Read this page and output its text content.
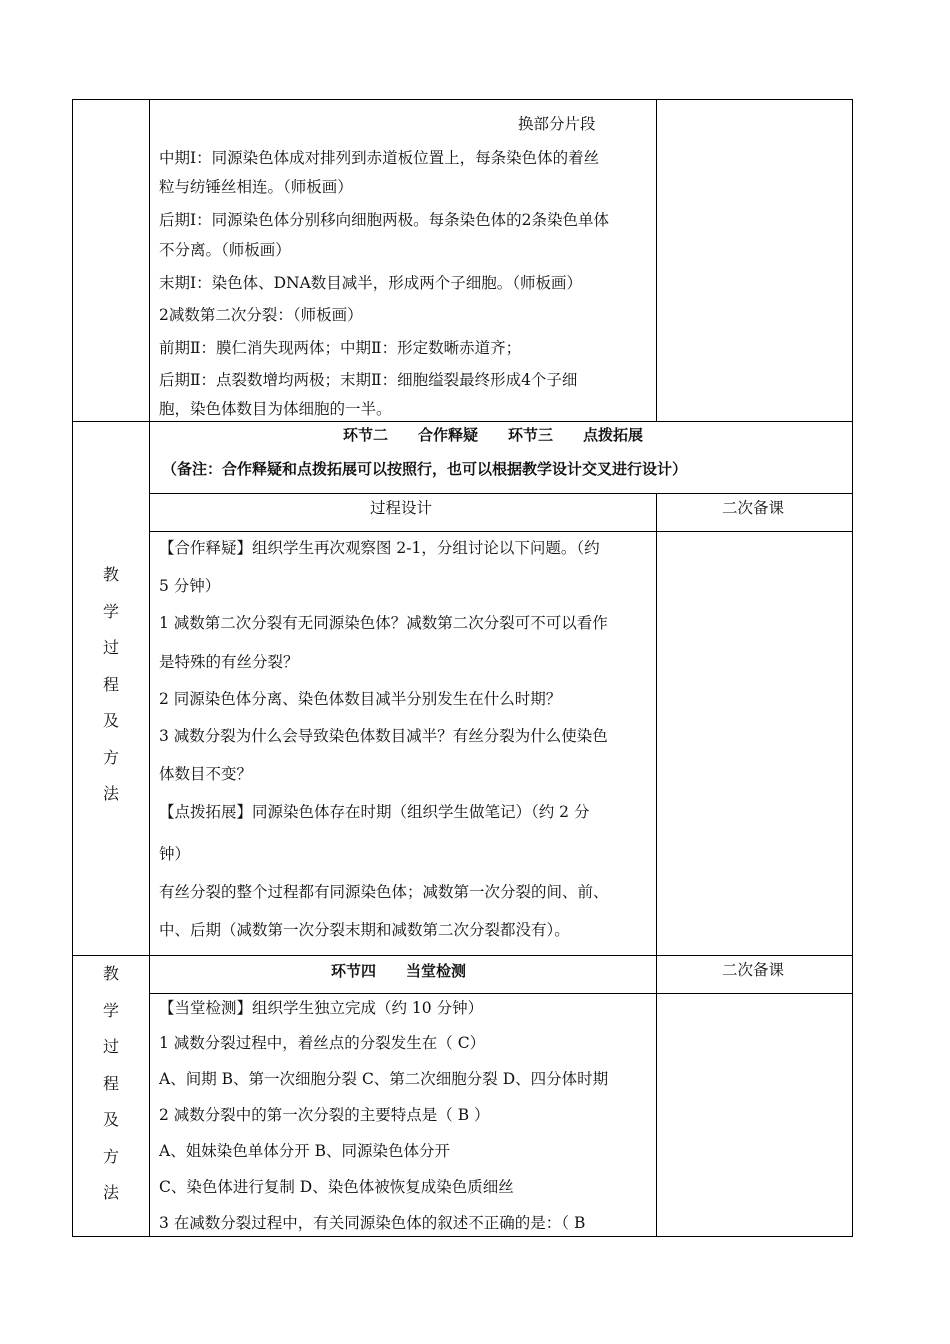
换部分片段
中期Ⅰ：同源染色体成对排列到赤道板位置上，每条染色体的着丝
粒与纺锤丝相连。（师板画）
后期Ⅰ：同源染色体分别移向细胞两极。每条染色体的2条染色单体
不分离。（师板画）
末期Ⅰ：染色体、DNA数目减半，形成两个子细胞。（师板画）
2减数第二次分裂：（师板画）
前期Ⅱ：膜仁消失现两体；中期Ⅱ：形定数晰赤道齐；
后期Ⅱ：点裂数增均两极；末期Ⅱ：细胞缢裂最终形成4个子细
胞，染色体数目为体细胞的一半。
环节二　　合作释疑　　环节三　　点拨拓展
（备注：合作释疑和点拨拓展可以按照行，也可以根据教学设计交叉进行设计）
过程设计	二次备课
教
学
过
程
及
方
法
【合作释疑】组织学生再次观察图 2-1，分组讨论以下问题。（约
5 分钟）
1 减数第二次分裂有无同源染色体？减数第二次分裂可不可以看作
是特殊的有丝分裂？
2 同源染色体分离、染色体数目减半分别发生在什么时期？
3 减数分裂为什么会导致染色体数目减半？有丝分裂为什么使染色
体数目不变？
【点拨拓展】同源染色体存在时期（组织学生做笔记）（约 2 分
钟）
有丝分裂的整个过程都有同源染色体；减数第一次分裂的间、前、
中、后期（减数第一次分裂末期和减数第二次分裂都没有）。
环节四　　当堂检测	二次备课
教
学
过
程
及
方
法
【当堂检测】组织学生独立完成（约 10 分钟）
1 减数分裂过程中，着丝点的分裂发生在（ C）
A、间期 B、第一次细胞分裂 C、第二次细胞分裂 D、四分体时期
2 减数分裂中的第一次分裂的主要特点是（ B ）
A、姐妹染色单体分开 B、同源染色体分开
C、染色体进行复制 D、染色体被恢复成染色质细丝
3 在减数分裂过程中，有关同源染色体的叙述不正确的是：（ B
